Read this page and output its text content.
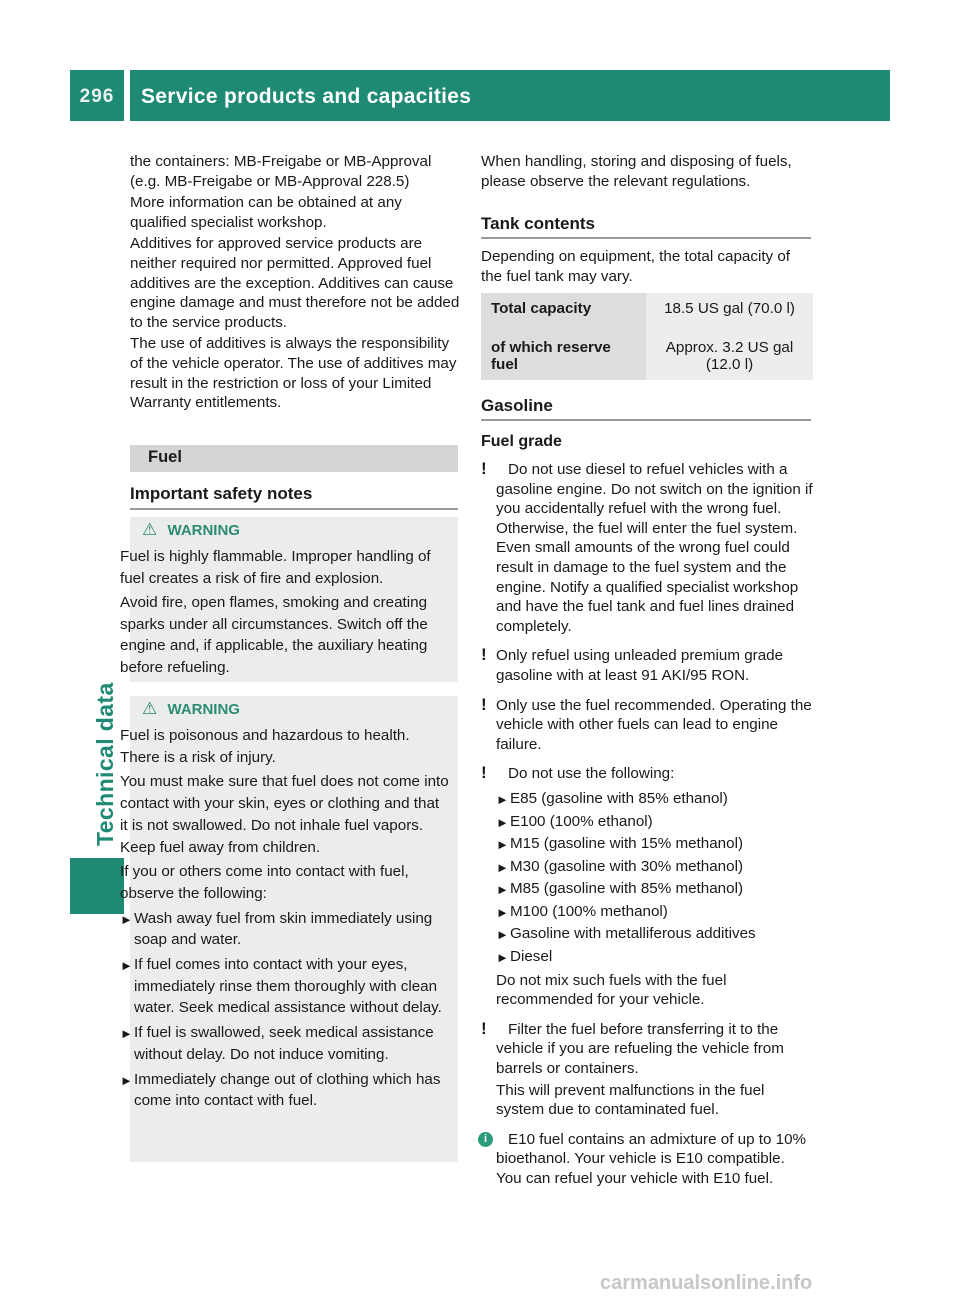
296	Service products and capacities
Technical data

the containers: MB-Freigabe or MB-Approval (e.g. MB-Freigabe or MB-Approval 228.5)

More information can be obtained at any qualified specialist workshop.

Additives for approved service products are neither required nor permitted. Approved fuel additives are the exception. Additives can cause engine damage and must therefore not be added to the service products.

The use of additives is always the responsibility of the vehicle operator. The use of additives may result in the restriction or loss of your Limited Warranty entitlements.

Fuel
Important safety notes
⚠ WARNING

Fuel is highly flammable. Improper handling of fuel creates a risk of fire and explosion.

Avoid fire, open flames, smoking and creating sparks under all circumstances. Switch off the engine and, if applicable, the auxiliary heating before refueling.

⚠ WARNING

Fuel is poisonous and hazardous to health. There is a risk of injury.

You must make sure that fuel does not come into contact with your skin, eyes or clothing and that it is not swallowed. Do not inhale fuel vapors. Keep fuel away from children.

If you or others come into contact with fuel, observe the following:

► Wash away fuel from skin immediately using soap and water.
► If fuel comes into contact with your eyes, immediately rinse them thoroughly with clean water. Seek medical assistance without delay.
► If fuel is swallowed, seek medical assistance without delay. Do not induce vomiting.
► Immediately change out of clothing which has come into contact with fuel.
When handling, storing and disposing of fuels, please observe the relevant regulations.
Tank contents
Depending on equipment, the total capacity of the fuel tank may vary.
Total capacity	18.5 US gal (70.0 l)
of which reserve fuel	Approx. 3.2 US gal (12.0 l)
Gasoline
Fuel grade
! Do not use diesel to refuel vehicles with a gasoline engine. Do not switch on the ignition if you accidentally refuel with the wrong fuel. Otherwise, the fuel will enter the fuel system. Even small amounts of the wrong fuel could result in damage to the fuel system and the engine. Notify a qualified specialist workshop and have the fuel tank and fuel lines drained completely.
! Only refuel using unleaded premium grade gasoline with at least 91 AKI/95 RON.
! Only use the fuel recommended. Operating the vehicle with other fuels can lead to engine failure.
! Do not use the following:
► E85 (gasoline with 85% ethanol)
► E100 (100% ethanol)
► M15 (gasoline with 15% methanol)
► M30 (gasoline with 30% methanol)
► M85 (gasoline with 85% methanol)
► M100 (100% methanol)
► Gasoline with metalliferous additives
► Diesel

Do not mix such fuels with the fuel recommended for your vehicle.

! Filter the fuel before transferring it to the vehicle if you are refueling the vehicle from barrels or containers.

This will prevent malfunctions in the fuel system due to contaminated fuel.

i	E10 fuel contains an admixture of up to 10% bioethanol. Your vehicle is E10 compatible. You can refuel your vehicle with E10 fuel.
carmanualsonline.info
